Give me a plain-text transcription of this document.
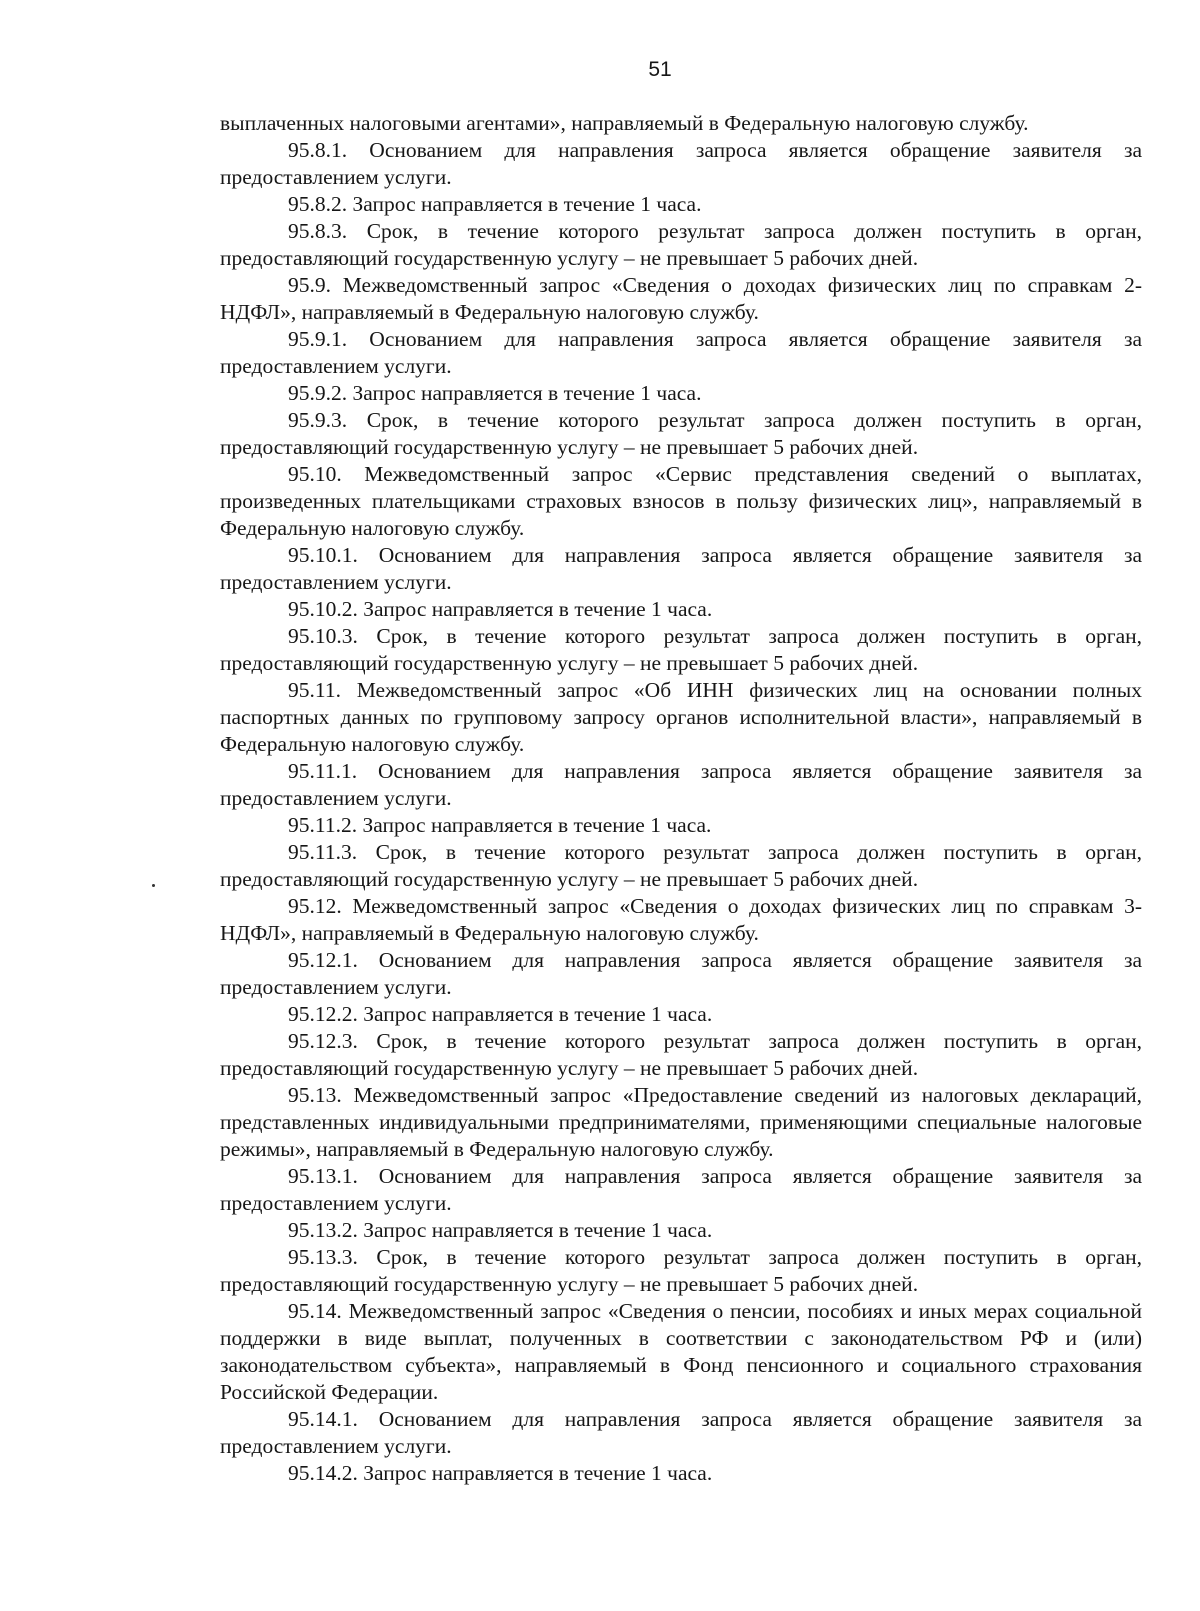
51

выплаченных налоговыми агентами», направляемый в Федеральную налоговую службу.

95.8.1. Основанием для направления запроса является обращение заявителя за предоставлением услуги.

95.8.2. Запрос направляется в течение 1 часа.

95.8.3. Срок, в течение которого результат запроса должен поступить в орган, предоставляющий государственную услугу – не превышает 5 рабочих дней.

95.9. Межведомственный запрос «Сведения о доходах физических лиц по справкам 2-НДФЛ», направляемый в Федеральную налоговую службу.

95.9.1. Основанием для направления запроса является обращение заявителя за предоставлением услуги.

95.9.2. Запрос направляется в течение 1 часа.

95.9.3. Срок, в течение которого результат запроса должен поступить в орган, предоставляющий государственную услугу – не превышает 5 рабочих дней.

95.10. Межведомственный запрос «Сервис представления сведений о выплатах, произведенных плательщиками страховых взносов в пользу физических лиц», направляемый в Федеральную налоговую службу.

95.10.1. Основанием для направления запроса является обращение заявителя за предоставлением услуги.

95.10.2. Запрос направляется в течение 1 часа.

95.10.3. Срок, в течение которого результат запроса должен поступить в орган, предоставляющий государственную услугу – не превышает 5 рабочих дней.

95.11. Межведомственный запрос «Об ИНН физических лиц на основании полных паспортных данных по групповому запросу органов исполнительной власти», направляемый в Федеральную налоговую службу.

95.11.1. Основанием для направления запроса является обращение заявителя за предоставлением услуги.

95.11.2. Запрос направляется в течение 1 часа.

95.11.3. Срок, в течение которого результат запроса должен поступить в орган, предоставляющий государственную услугу – не превышает 5 рабочих дней.

95.12. Межведомственный запрос «Сведения о доходах физических лиц по справкам 3-НДФЛ», направляемый в Федеральную налоговую службу.

95.12.1. Основанием для направления запроса является обращение заявителя за предоставлением услуги.

95.12.2. Запрос направляется в течение 1 часа.

95.12.3. Срок, в течение которого результат запроса должен поступить в орган, предоставляющий государственную услугу – не превышает 5 рабочих дней.

95.13. Межведомственный запрос «Предоставление сведений из налоговых деклараций, представленных индивидуальными предпринимателями, применяющими специальные налоговые режимы», направляемый в Федеральную налоговую службу.

95.13.1. Основанием для направления запроса является обращение заявителя за предоставлением услуги.

95.13.2. Запрос направляется в течение 1 часа.

95.13.3. Срок, в течение которого результат запроса должен поступить в орган, предоставляющий государственную услугу – не превышает 5 рабочих дней.

95.14. Межведомственный запрос «Сведения о пенсии, пособиях и иных мерах социальной поддержки в виде выплат, полученных в соответствии с законодательством РФ и (или) законодательством субъекта», направляемый в Фонд пенсионного и социального страхования Российской Федерации.

95.14.1. Основанием для направления запроса является обращение заявителя за предоставлением услуги.

95.14.2. Запрос направляется в течение 1 часа.
